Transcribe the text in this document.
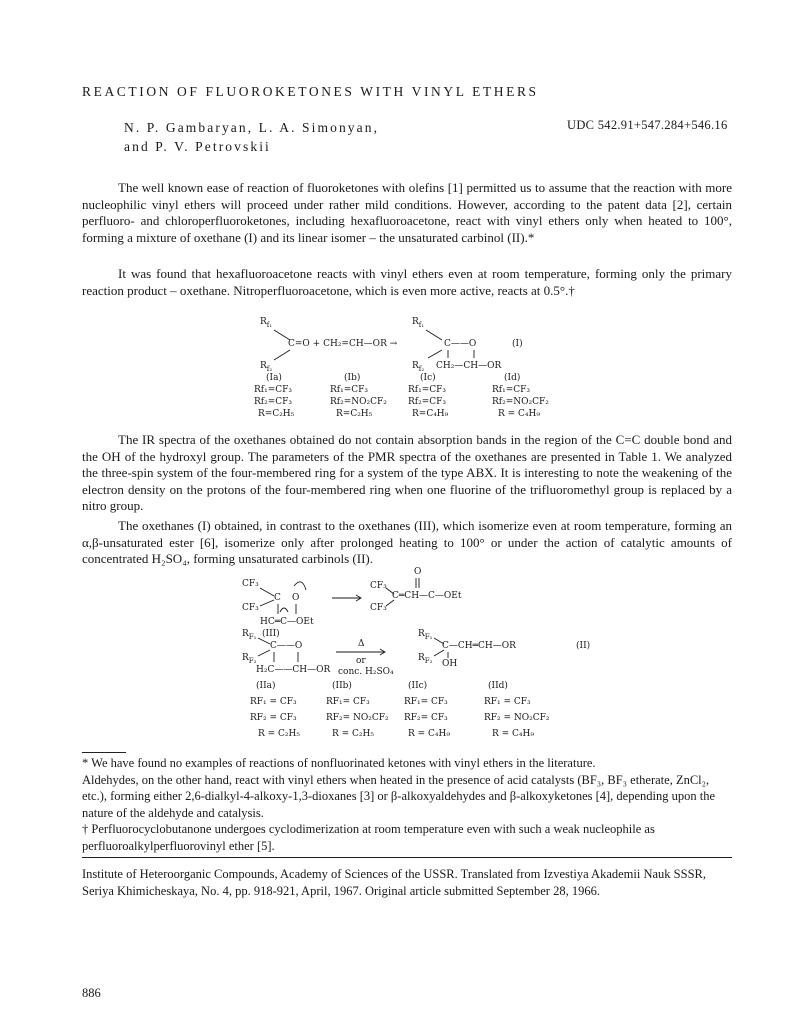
REACTION OF FLUOROKETONES WITH VINYL ETHERS
N. P. Gambaryan, L. A. Simonyan,
and P. V. Petrovskii
UDC 542.91+547.284+546.16
The well known ease of reaction of fluoroketones with olefins [1] permitted us to assume that the reaction with more nucleophilic vinyl ethers will proceed under rather mild conditions. However, according to the patent data [2], certain perfluoro- and chloroperfluoroketones, including hexafluoroacetone, react with vinyl ethers only when heated to 100°, forming a mixture of oxethane (I) and its linear isomer – the unsaturated carbinol (II).*
It was found that hexafluoroacetone reacts with vinyl ethers even at room temperature, forming only the primary reaction product – oxethane. Nitroperfluoroacetone, which is even more active, reacts at 0.5°.†
$R_{f_1}$
C=O + CH₂=CH—OR →
$R_{f_2}$
$R_{f_1}$
C——O
$R_{f_2}$ CH₂—CH—OR
(I)
(Ia)
Rf₁=CF₃
Rf₂=CF₃
R=C₂H₅
(Ib)
Rf₁=CF₃
Rf₂=NO₂CF₂
R=C₂H₅
(Ic)
Rf₁=CF₃
Rf₂=CF₃
R=C₄H₉
(Id)
Rf₁=CF₃
Rf₂=NO₂CF₂
R = C₄H₉
The IR spectra of the oxethanes obtained do not contain absorption bands in the region of the C=C double bond and the OH of the hydroxyl group. The parameters of the PMR spectra of the oxethanes are presented in Table 1. We analyzed the three-spin system of the four-membered ring for a system of the type ABX. It is interesting to note the weakening of the electron density on the protons of the four-membered ring when one fluorine of the trifluoromethyl group is replaced by a nitro group.
The oxethanes (I) obtained, in contrast to the oxethanes (III), which isomerize even at room temperature, forming an α,β-unsaturated ester [6], isomerize only after prolonged heating to 100° or under the action of catalytic amounts of concentrated H₂SO₄, forming unsaturated carbinols (II).
CF₃
C O
CF₃
HC═C—OEt
(III)
O
CF₃
C═CH—C—OEt
CF₃
$R_{F_1}$
C——O
$R_{F_2}$
H₂C——CH—OR
Δ
or
conc. H₂SO₄
$R_{F_1}$
C—CH═CH—OR
$R_{F_2}$ OH
(II)
(IIa)
RF₁ = CF₃
RF₂ = CF₃
R = C₂H₅
(IIb)
RF₁= CF₃
RF₂= NO₂CF₂
R = C₂H₅
(IIc)
RF₁= CF₃
RF₂= CF₃
R = C₄H₉
(IId)
RF₁ = CF₃
RF₂ = NO₂CF₂
R = C₄H₉
* We have found no examples of reactions of nonfluorinated ketones with vinyl ethers in the literature.
Aldehydes, on the other hand, react with vinyl ethers when heated in the presence of acid catalysts (BF₃, BF₃ etherate, ZnCl₂, etc.), forming either 2,6-dialkyl-4-alkoxy-1,3-dioxanes [3] or β-alkoxyaldehydes and β-alkoxyketones [4], depending upon the nature of the aldehyde and catalysis.
† Perfluorocyclobutanone undergoes cyclodimerization at room temperature even with such a weak nucleophile as perfluoroalkylperfluorovinyl ether [5].
Institute of Heteroorganic Compounds, Academy of Sciences of the USSR. Translated from Izvestiya Akademii Nauk SSSR, Seriya Khimicheskaya, No. 4, pp. 918-921, April, 1967. Original article submitted September 28, 1966.
886
